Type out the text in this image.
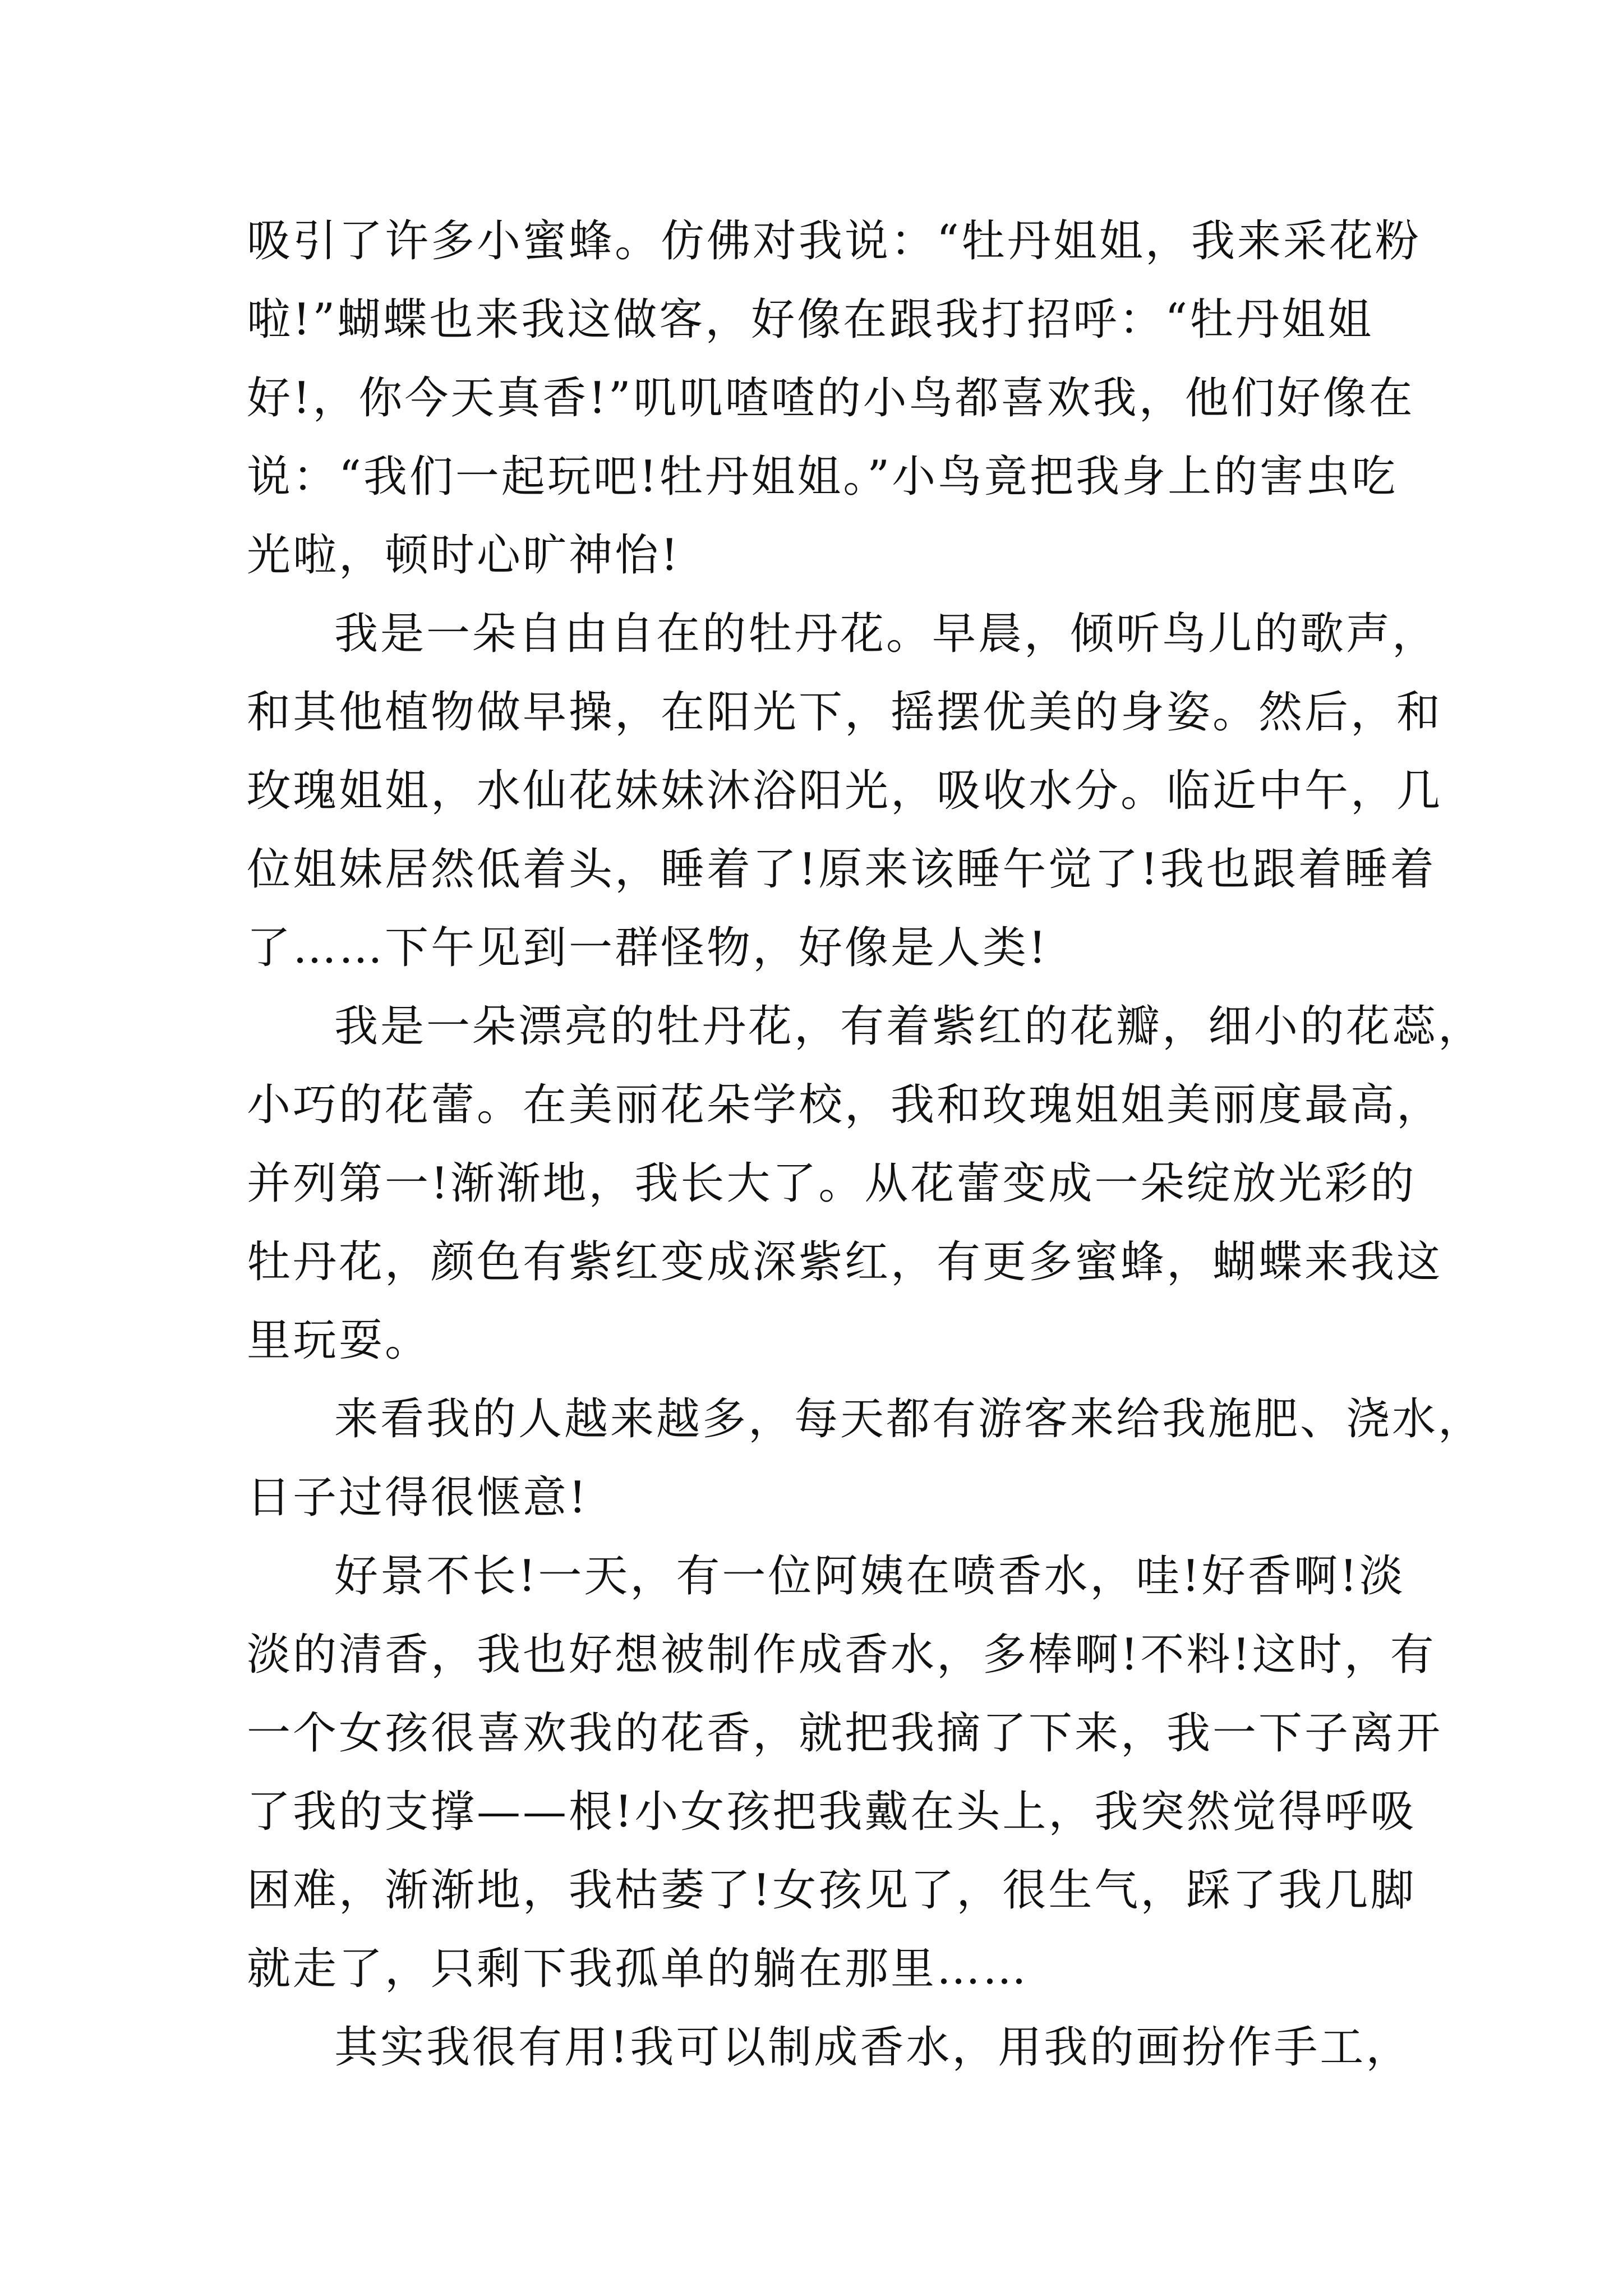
吸引了许多小蜜蜂。仿佛对我说：“牡丹姐姐，我来采花粉
啦!”蝴蝶也来我这做客，好像在跟我打招呼：“牡丹姐姐
好!，你今天真香!”叽叽喳喳的小鸟都喜欢我，他们好像在
说：“我们一起玩吧!牡丹姐姐。”小鸟竟把我身上的害虫吃
光啦，顿时心旷神怡!
我是一朵自由自在的牡丹花。早晨，倾听鸟儿的歌声，
和其他植物做早操，在阳光下，摇摆优美的身姿。然后，和
玫瑰姐姐，水仙花妹妹沐浴阳光，吸收水分。临近中午，几
位姐妹居然低着头，睡着了!原来该睡午觉了!我也跟着睡着
了……下午见到一群怪物，好像是人类!
我是一朵漂亮的牡丹花，有着紫红的花瓣，细小的花蕊，
小巧的花蕾。在美丽花朵学校，我和玫瑰姐姐美丽度最高，
并列第一!渐渐地，我长大了。从花蕾变成一朵绽放光彩的
牡丹花，颜色有紫红变成深紫红，有更多蜜蜂，蝴蝶来我这
里玩耍。
来看我的人越来越多，每天都有游客来给我施肥、浇水，
日子过得很惬意!
好景不长!一天，有一位阿姨在喷香水，哇!好香啊!淡
淡的清香，我也好想被制作成香水，多棒啊!不料!这时，有
一个女孩很喜欢我的花香，就把我摘了下来，我一下子离开
了我的支撑——根!小女孩把我戴在头上，我突然觉得呼吸
困难，渐渐地，我枯萎了!女孩见了，很生气，踩了我几脚
就走了，只剩下我孤单的躺在那里……
其实我很有用!我可以制成香水，用我的画扮作手工，
